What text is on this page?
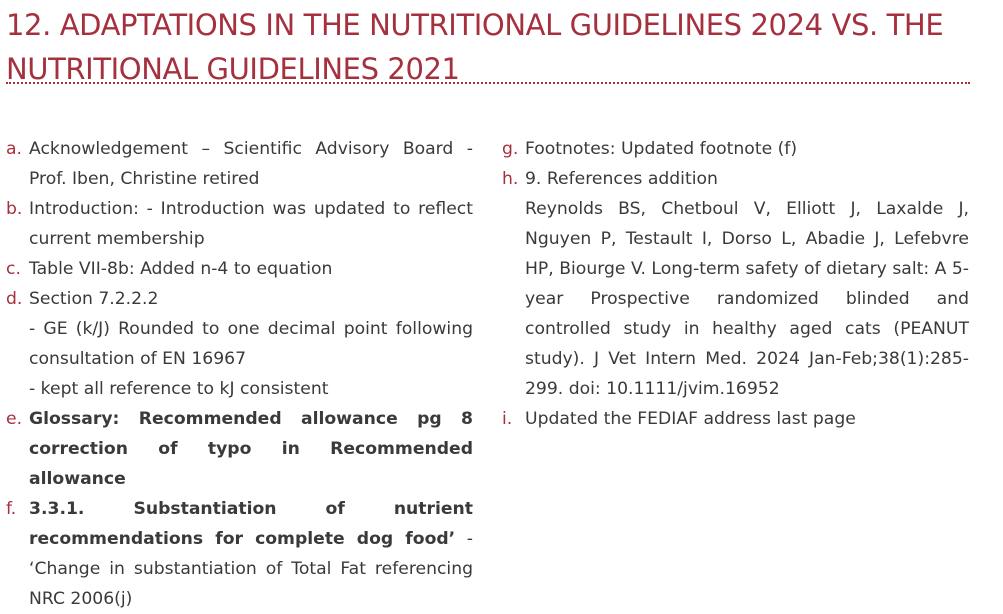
12. ADAPTATIONS IN THE NUTRITIONAL GUIDELINES 2024 VS. THE NUTRITIONAL GUIDELINES 2021
a. Acknowledgement – Scientific Advisory Board - Prof. Iben, Christine retired
b. Introduction: - Introduction was updated to reflect current membership
c. Table VII-8b: Added n-4 to equation
d. Section 7.2.2.2
- GE (k/J) Rounded to one decimal point following consultation of EN 16967
- kept all reference to kJ consistent
e. Glossary: Recommended allowance pg 8 correction of typo in Recommended allowance
f. 3.3.1. Substantiation of nutrient recommendations for complete dog food’ - ‘Change in substantiation of Total Fat referencing NRC 2006(j)
g. Footnotes: Updated footnote (f)
h. 9. References addition
Reynolds BS, Chetboul V, Elliott J, Laxalde J, Nguyen P, Testault I, Dorso L, Abadie J, Lefebvre HP, Biourge V. Long-term safety of dietary salt: A 5-year Prospective randomized blinded and controlled study in healthy aged cats (PEANUT study). J Vet Intern Med. 2024 Jan-Feb;38(1):285-299. doi: 10.1111/jvim.16952
i. Updated the FEDIAF address last page
